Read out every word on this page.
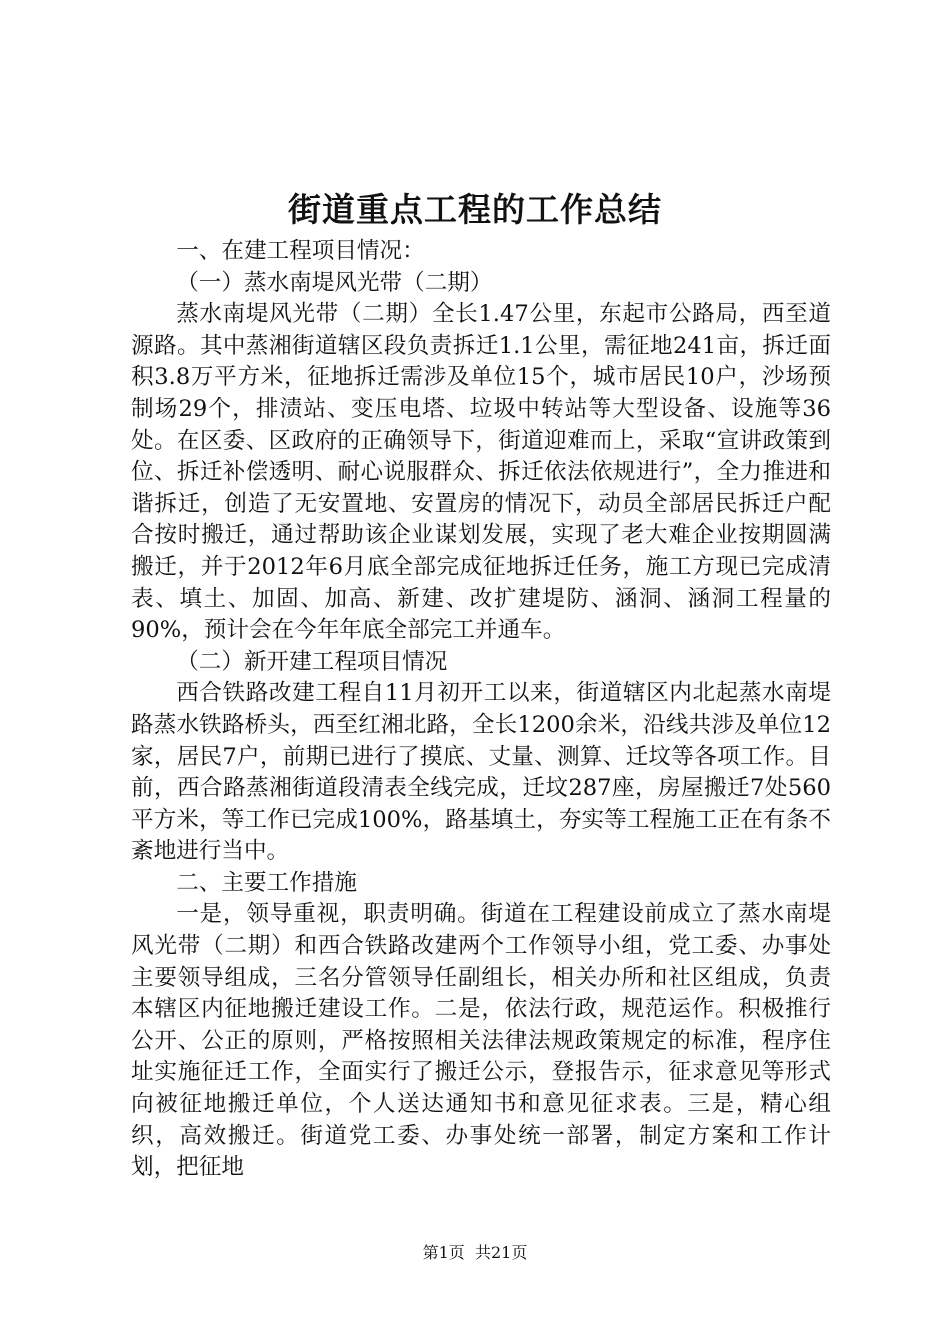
街道重点工程的工作总结

一、在建工程项目情况：

（一）蒸水南堤风光带（二期）

蒸水南堤风光带（二期）全长1.47公里，东起市公路局，西至道源路。其中蒸湘街道辖区段负责拆迁1.1公里，需征地241亩，拆迁面积3.8万平方米，征地拆迁需涉及单位15个，城市居民10户，沙场预制场29个，排渍站、变压电塔、垃圾中转站等大型设备、设施等36处。在区委、区政府的正确领导下，街道迎难而上，采取“宣讲政策到位、拆迁补偿透明、耐心说服群众、拆迁依法依规进行”，全力推进和谐拆迁，创造了无安置地、安置房的情况下，动员全部居民拆迁户配合按时搬迁，通过帮助该企业谋划发展，实现了老大难企业按期圆满搬迁，并于2012年6月底全部完成征地拆迁任务，施工方现已完成清表、填土、加固、加高、新建、改扩建堤防、涵洞、涵洞工程量的90%，预计会在今年年底全部完工并通车。

（二）新开建工程项目情况

西合铁路改建工程自11月初开工以来，街道辖区内北起蒸水南堤路蒸水铁路桥头，西至红湘北路，全长1200余米，沿线共涉及单位12家，居民7户，前期已进行了摸底、丈量、测算、迁坟等各项工作。目前，西合路蒸湘街道段清表全线完成，迁坟287座，房屋搬迁7处560平方米，等工作已完成100%，路基填土，夯实等工程施工正在有条不紊地进行当中。

二、主要工作措施

一是，领导重视，职责明确。街道在工程建设前成立了蒸水南堤风光带（二期）和西合铁路改建两个工作领导小组，党工委、办事处主要领导组成，三名分管领导任副组长，相关办所和社区组成，负责本辖区内征地搬迁建设工作。二是，依法行政，规范运作。积极推行公开、公正的原则，严格按照相关法律法规政策规定的标准，程序住址实施征迁工作，全面实行了搬迁公示，登报告示，征求意见等形式向被征地搬迁单位，个人送达通知书和意见征求表。三是，精心组织，高效搬迁。街道党工委、办事处统一部署，制定方案和工作计划，把征地

第1页 共21页
